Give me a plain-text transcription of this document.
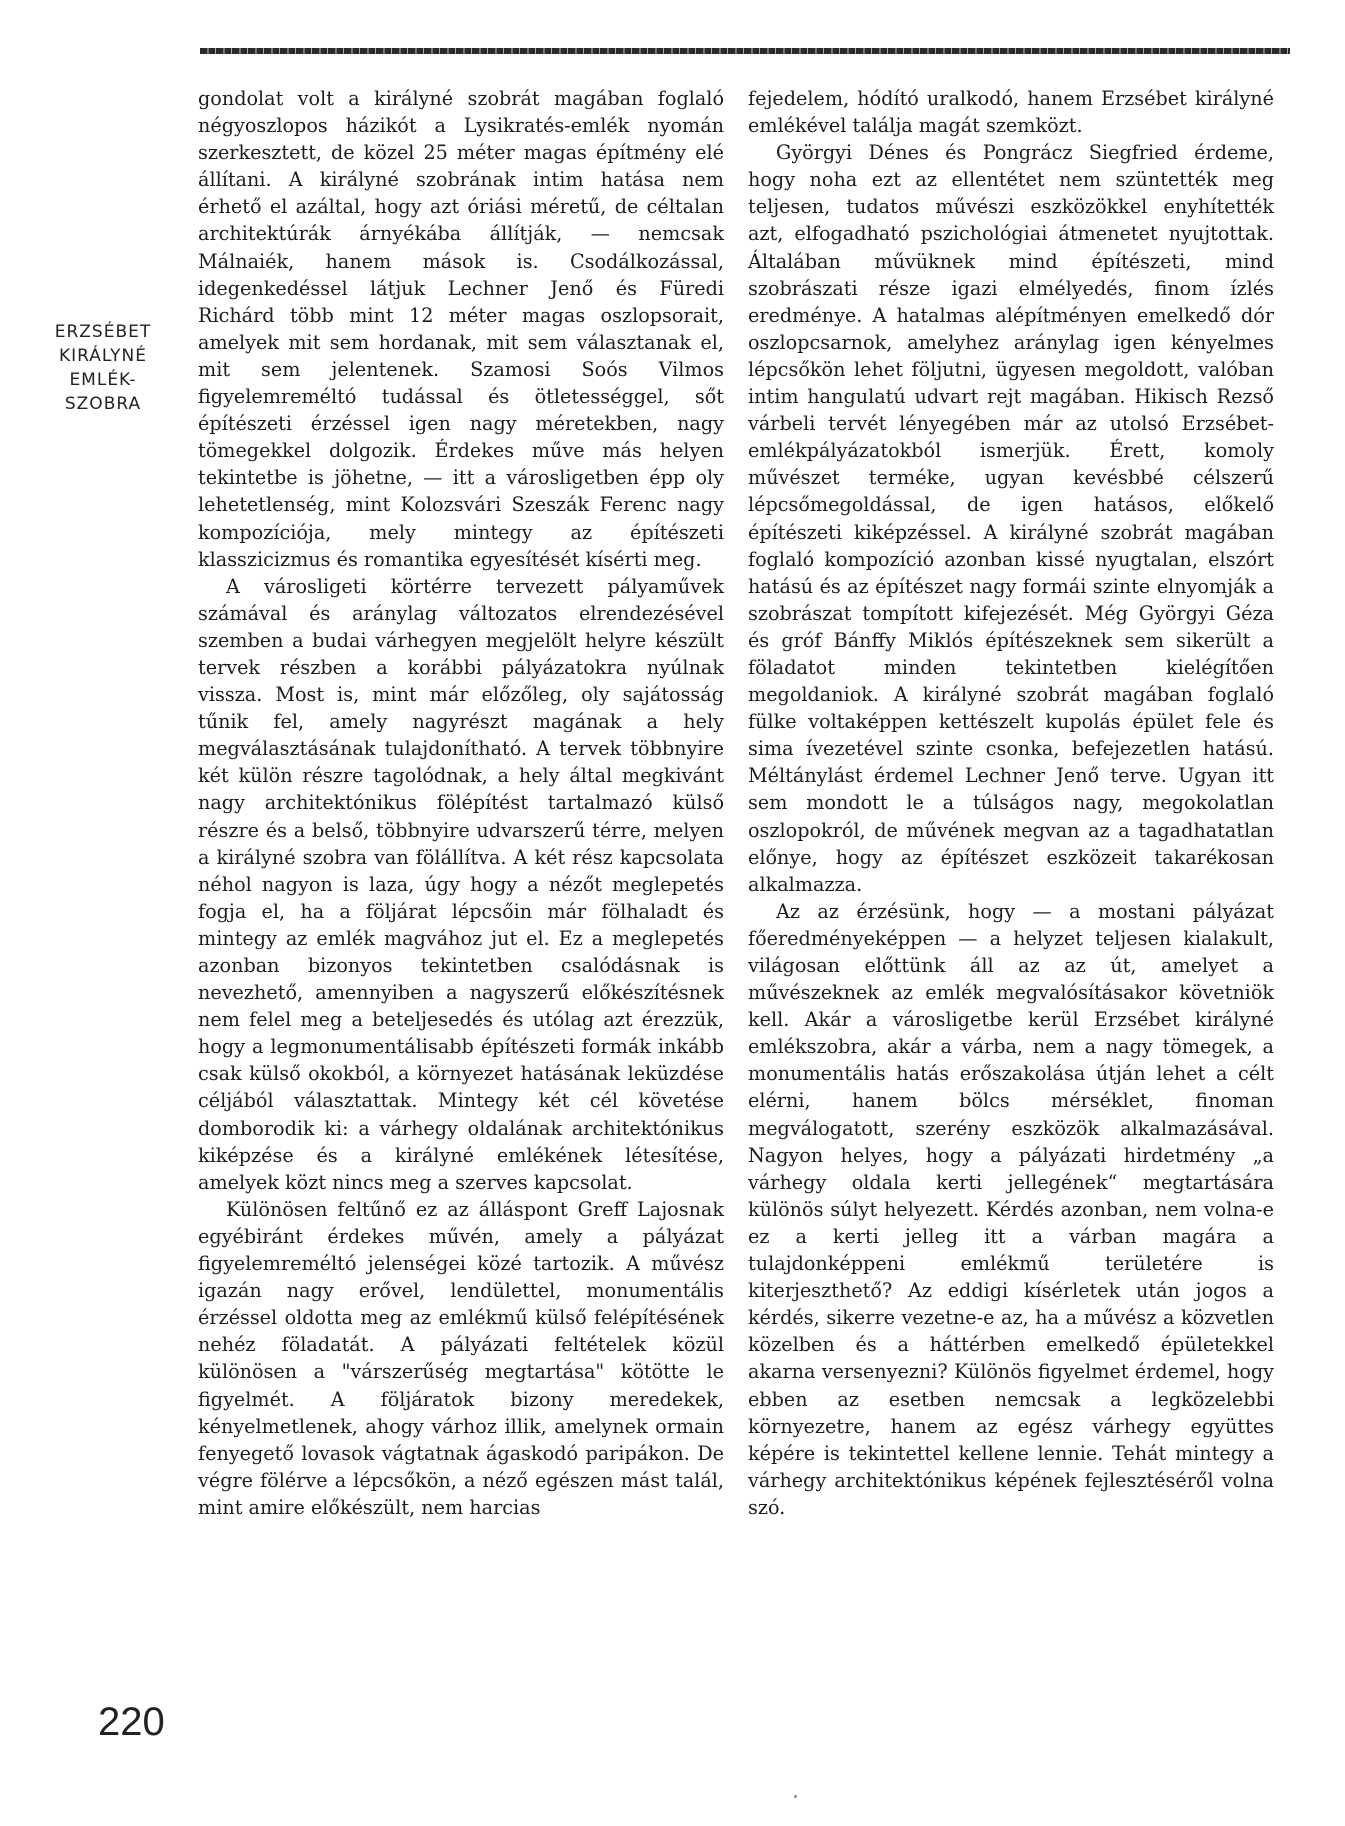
ERZSÉBET
KIRÁLYNÉ
EMLÉK-
SZOBRA

gondolat volt a királyné szobrát magában foglaló négyoszlopos házikót a Lysikratés-emlék nyomán szerkesztett, de közel 25 méter magas építmény elé állítani. A királyné szobrának intim hatása nem érhető el azáltal, hogy azt óriási méretű, de céltalan architektúrák árnyékába állítják, — nemcsak Málnaiék, hanem mások is. Csodálkozással, idegenkedéssel látjuk Lechner Jenő és Füredi Richárd több mint 12 méter magas oszlopsorait, amelyek mit sem hordanak, mit sem választanak el, mit sem jelentenek. Szamosi Soós Vilmos figyelemreméltó tudással és ötletességgel, sőt építészeti érzéssel igen nagy méretekben, nagy tömegekkel dolgozik. Érdekes műve más helyen tekintetbe is jöhetne, — itt a városligetben épp oly lehetetlenség, mint Kolozsvári Szeszák Ferenc nagy kompozíciója, mely mintegy az építészeti klasszicizmus és romantika egyesítését kísérti meg.

A városligeti körtérre tervezett pályaművek számával és aránylag változatos elrendezésével szemben a budai várhegyen megjelölt helyre készült tervek részben a korábbi pályázatokra nyúlnak vissza. Most is, mint már előzőleg, oly sajátosság tűnik fel, amely nagyrészt magának a hely megválasztásának tulajdonítható. A tervek többnyire két külön részre tagolódnak, a hely által megkivánt nagy architektónikus fölépítést tartalmazó külső részre és a belső, többnyire udvarszerű térre, melyen a királyné szobra van fölállítva. A két rész kapcsolata néhol nagyon is laza, úgy hogy a nézőt meglepetés fogja el, ha a följárat lépcsőin már fölhaladt és mintegy az emlék magvához jut el. Ez a meglepetés azonban bizonyos tekintetben csalódásnak is nevezhető, amennyiben a nagyszerű előkészítésnek nem felel meg a beteljesedés és utólag azt érezzük, hogy a legmonumentálisabb építészeti formák inkább csak külső okokból, a környezet hatásának leküzdése céljából választattak. Mintegy két cél követése domborodik ki: a várhegy oldalának architektónikus kiképzése és a királyné emlékének létesítése, amelyek közt nincs meg a szerves kapcsolat.

Különösen feltűnő ez az álláspont Greff Lajosnak egyébiránt érdekes művén, amely a pályázat figyelemreméltó jelenségei közé tartozik. A művész igazán nagy erővel, lendülettel, monumentális érzéssel oldotta meg az emlékmű külső felépítésének nehéz föladatát. A pályázati feltételek közül különösen a "várszerűség megtartása" kötötte le figyelmét. A följáratok bizony meredekek, kényelmetlenek, ahogy várhoz illik, amelynek ormain fenyegető lovasok vágtatnak ágaskodó paripákon. De végre fölérve a lépcsőkön, a néző egészen mást talál, mint amire előkészült, nem harcias

fejedelem, hódító uralkodó, hanem Erzsébet királyné emlékével találja magát szemközt.

Györgyi Dénes és Pongrácz Siegfried érdeme, hogy noha ezt az ellentétet nem szüntették meg teljesen, tudatos művészi eszközökkel enyhítették azt, elfogadható pszichológiai átmenetet nyujtottak. Általában művüknek mind építészeti, mind szobrászati része igazi elmélyedés, finom ízlés eredménye. A hatalmas alépítményen emelkedő dór oszlopcsarnok, amelyhez aránylag igen kényelmes lépcsőkön lehet följutni, ügyesen megoldott, valóban intim hangulatú udvart rejt magában. Hikisch Rezső várbeli tervét lényegében már az utolsó Erzsébet-emlékpályázatokból ismerjük. Érett, komoly művészet terméke, ugyan kevésbbé célszerű lépcsőmegoldással, de igen hatásos, előkelő építészeti kiképzéssel. A királyné szobrát magában foglaló kompozíció azonban kissé nyugtalan, elszórt hatású és az építészet nagy formái szinte elnyomják a szobrászat tompított kifejezését. Még Györgyi Géza és gróf Bánffy Miklós építészeknek sem sikerült a föladatot minden tekintetben kielégítően megoldaniok. A királyné szobrát magában foglaló fülke voltaképpen kettészelt kupolás épület fele és sima ívezetével szinte csonka, befejezetlen hatású. Méltánylást érdemel Lechner Jenő terve. Ugyan itt sem mondott le a túlságos nagy, megokolatlan oszlopokról, de művének megvan az a tagadhatatlan előnye, hogy az építészet eszközeit takarékosan alkalmazza.

Az az érzésünk, hogy — a mostani pályázat főeredményeképpen — a helyzet teljesen kialakult, világosan előttünk áll az az út, amelyet a művészeknek az emlék megvalósításakor követniök kell. Akár a városligetbe kerül Erzsébet királyné emlékszobra, akár a várba, nem a nagy tömegek, a monumentális hatás erőszakolása útján lehet a célt elérni, hanem bölcs mérséklet, finoman megválogatott, szerény eszközök alkalmazásával. Nagyon helyes, hogy a pályázati hirdetmény „a várhegy oldala kerti jellegének“ megtartására különös súlyt helyezett. Kérdés azonban, nem volna-e ez a kerti jelleg itt a várban magára a tulajdonképpeni emlékmű területére is kiterjeszthető? Az eddigi kísérletek után jogos a kérdés, sikerre vezetne-e az, ha a művész a közvetlen közelben és a háttérben emelkedő épületekkel akarna versenyezni? Különös figyelmet érdemel, hogy ebben az esetben nemcsak a legközelebbi környezetre, hanem az egész várhegy együttes képére is tekintettel kellene lennie. Tehát mintegy a várhegy architektónikus képének fejlesztéséről volna szó.

220
